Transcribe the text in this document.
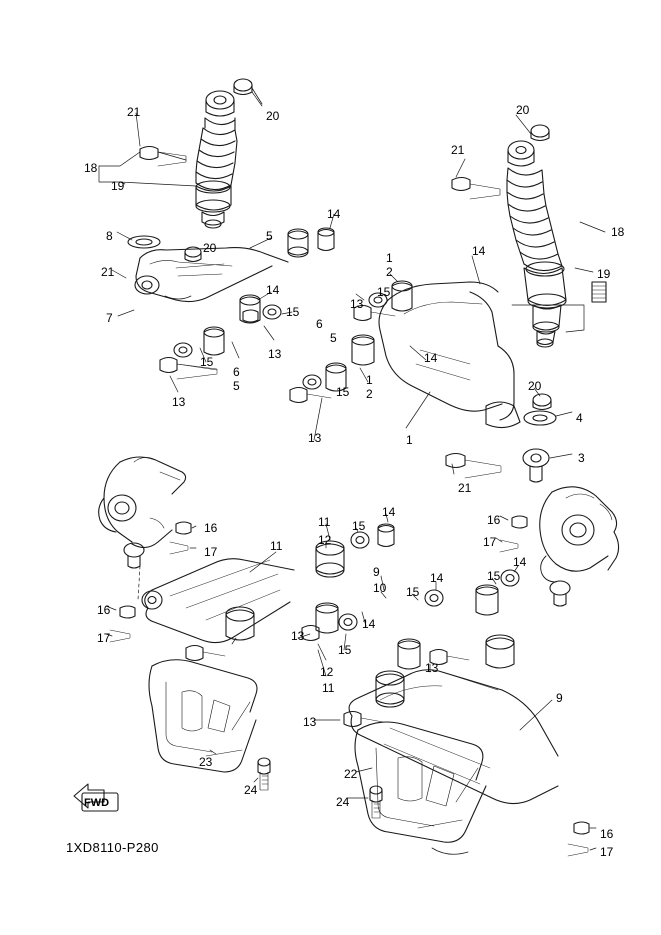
FWD
1XD8110-P280
21	20	20
21
18
19
18
14
8	5
20
19
14
21
14
1
2
13
15
7	15
6
5
13	14
15
6
5	15
1
2
13
20
4
13	1
3
21
16
17	11
11
12
15
14
16
17
14
9
10 15
14	15
16
17	13
15
14
12
11
13
9
13
22
23
24
24
16
17
